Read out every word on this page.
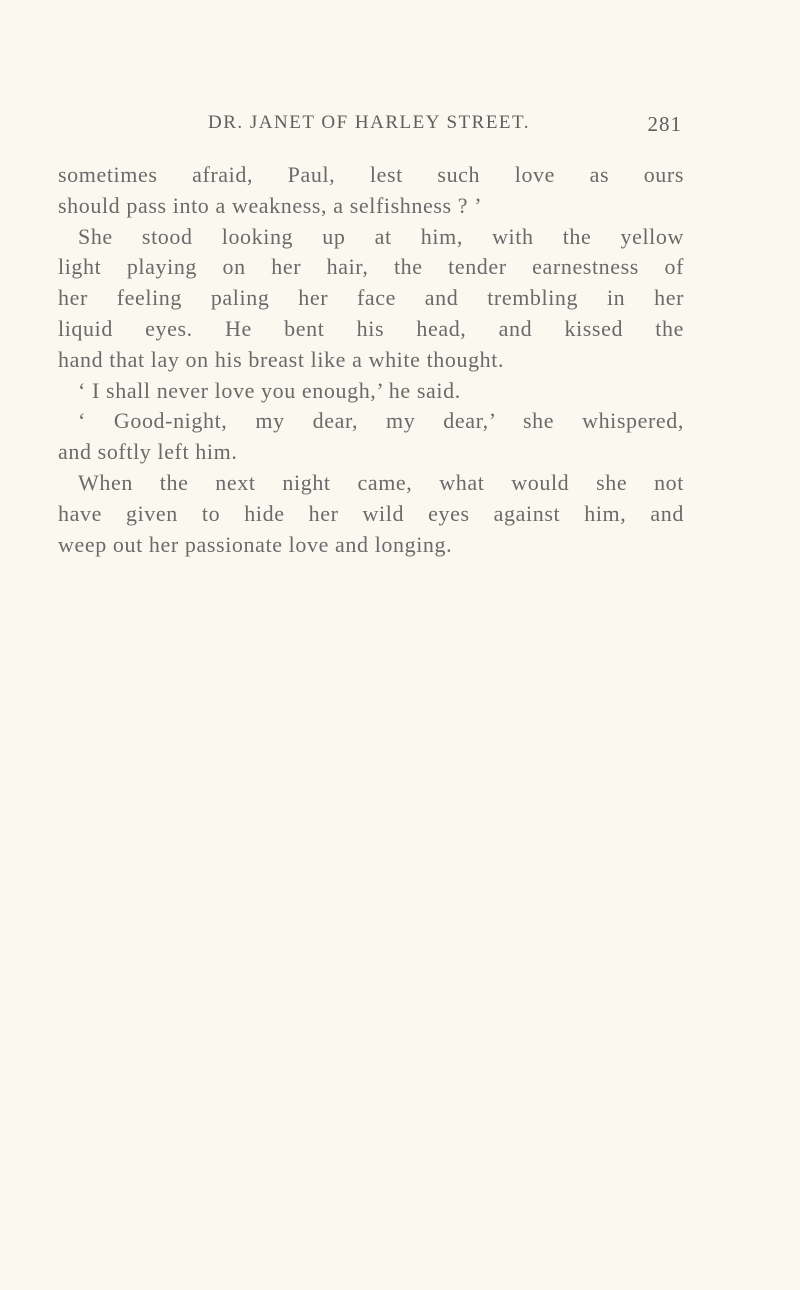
DR. JANET OF HARLEY STREET.	281
sometimes afraid, Paul, lest such love as ours
should pass into a weakness, a selfishness ? ’
She stood looking up at him, with the yellow
light playing on her hair, the tender earnestness of
her feeling paling her face and trembling in her
liquid eyes. He bent his head, and kissed the
hand that lay on his breast like a white thought.
‘ I shall never love you enough,’ he said.
‘ Good-night, my dear, my dear,’ she whispered,
and softly left him.
When the next night came, what would she not
have given to hide her wild eyes against him, and
weep out her passionate love and longing.
